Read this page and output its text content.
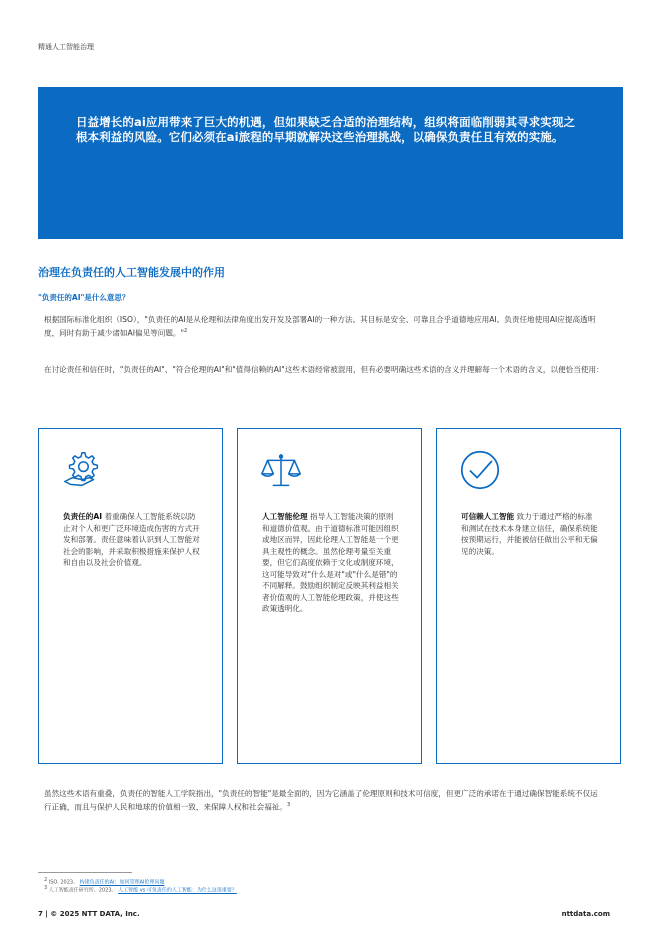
精通人工智能治理
日益增长的ai应用带来了巨大的机遇，但如果缺乏合适的治理结构，组织将面临削弱其寻求实现之根本利益的风险。它们必须在ai旅程的早期就解决这些治理挑战，以确保负责任且有效的实施。
治理在负责任的人工智能发展中的作用
"负责任的AI"是什么意思？
根据国际标准化组织（ISO），"负责任的AI是从伦理和法律角度出发开发及部署AI的一种方法。其目标是安全、可靠且合乎道德地应用AI。负责任地使用AI应提高透明度，同时有助于减少诸如AI偏见等问题。"$^2$
在讨论责任和信任时，"负责任的AI"、"符合伦理的AI"和"值得信赖的AI"这些术语经常被混用，但有必要明确这些术语的含义并理解每一个术语的含义，以便恰当使用：
负责任的AI 着重确保人工智能系统以防止对个人和更广泛环境造成伤害的方式开发和部署。责任意味着认识到人工智能对社会的影响，并采取积极措施来保护人权和自由以及社会价值观。
人工智能伦理 指导人工智能决策的原则和道德价值观。由于道德标准可能因组织或地区而异，因此伦理人工智能是一个更具主观性的概念。虽然伦理考量至关重要，但它们高度依赖于文化或制度环境，这可能导致对"什么是对"或"什么是错"的不同解释。鼓励组织制定反映其利益相关者价值观的人工智能伦理政策，并使这些政策透明化。
可信赖人工智能 致力于通过严格的标准和测试在技术本身建立信任，确保系统能按预期运行，并能被信任做出公平和无偏见的决策。
虽然这些术语有重叠，负责任的智能人工学院指出，"负责任的智能"是最全面的，因为它涵盖了伦理原则和技术可信度，但更广泛的承诺在于通过确保智能系统不仅运行正确，而且与保护人民和地球的价值相一致，来保障人权和社会福祉。$^3$
$^2$ ISO. 2023。 构建负责任的AI：如何管理AI伦理问题
$^3$ 人工智能责任研究所。2023。 人工智能 vs 可负责任的人工智能：为什么这很重要？
7 | © 2025 NTT DATA, Inc.	nttdata.com
